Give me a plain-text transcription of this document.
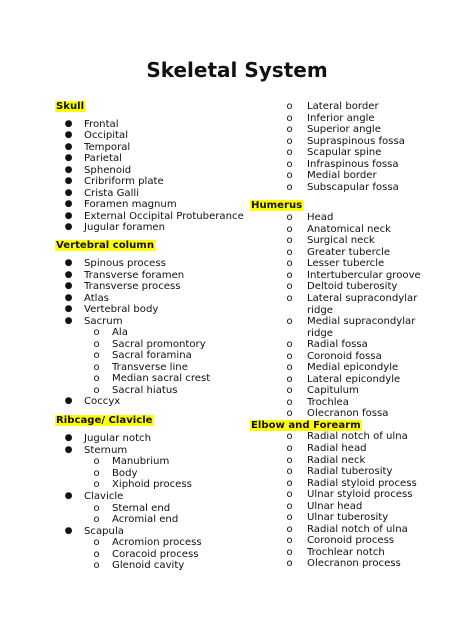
Skeletal System
Skull
● Frontal
● Occipital
● Temporal
● Parietal
● Sphenoid
● Cribriform plate
● Crista Galli
● Foramen magnum
● External Occipital Protuberance
● Jugular foramen
Vertebral column
● Spinous process
● Transverse foramen
● Transverse process
● Atlas
● Vertebral body
● Sacrum
o Ala
o Sacral promontory
o Sacral foramina
o Transverse line
o Median sacral crest
o Sacral hiatus
● Coccyx
Ribcage/ Clavicle
● Jugular notch
● Sternum
o Manubrium
o Body
o Xiphoid process
● Clavicle
o Sternal end
o Acromial end
● Scapula
o Acromion process
o Coracoid process
o Glenoid cavity
o Lateral border
o Inferior angle
o Superior angle
o Supraspinous fossa
o Scapular spine
o Infraspinous fossa
o Medial border
o Subscapular fossa
Humerus
o Head
o Anatomical neck
o Surgical neck
o Greater tubercle
o Lesser tubercle
o Intertubercular groove
o Deltoid tuberosity
o Lateral supracondylar
ridge
o Medial supracondylar
ridge
o Radial fossa
o Coronoid fossa
o Medial epicondyle
o Lateral epicondyle
o Capitulum
o Trochlea
o Olecranon fossa
Elbow and Forearm
o Radial notch of ulna
o Radial head
o Radial neck
o Radial tuberosity
o Radial styloid process
o Ulnar styloid process
o Ulnar head
o Ulnar tuberosity
o Radial notch of ulna
o Coronoid process
o Trochlear notch
o Olecranon process
